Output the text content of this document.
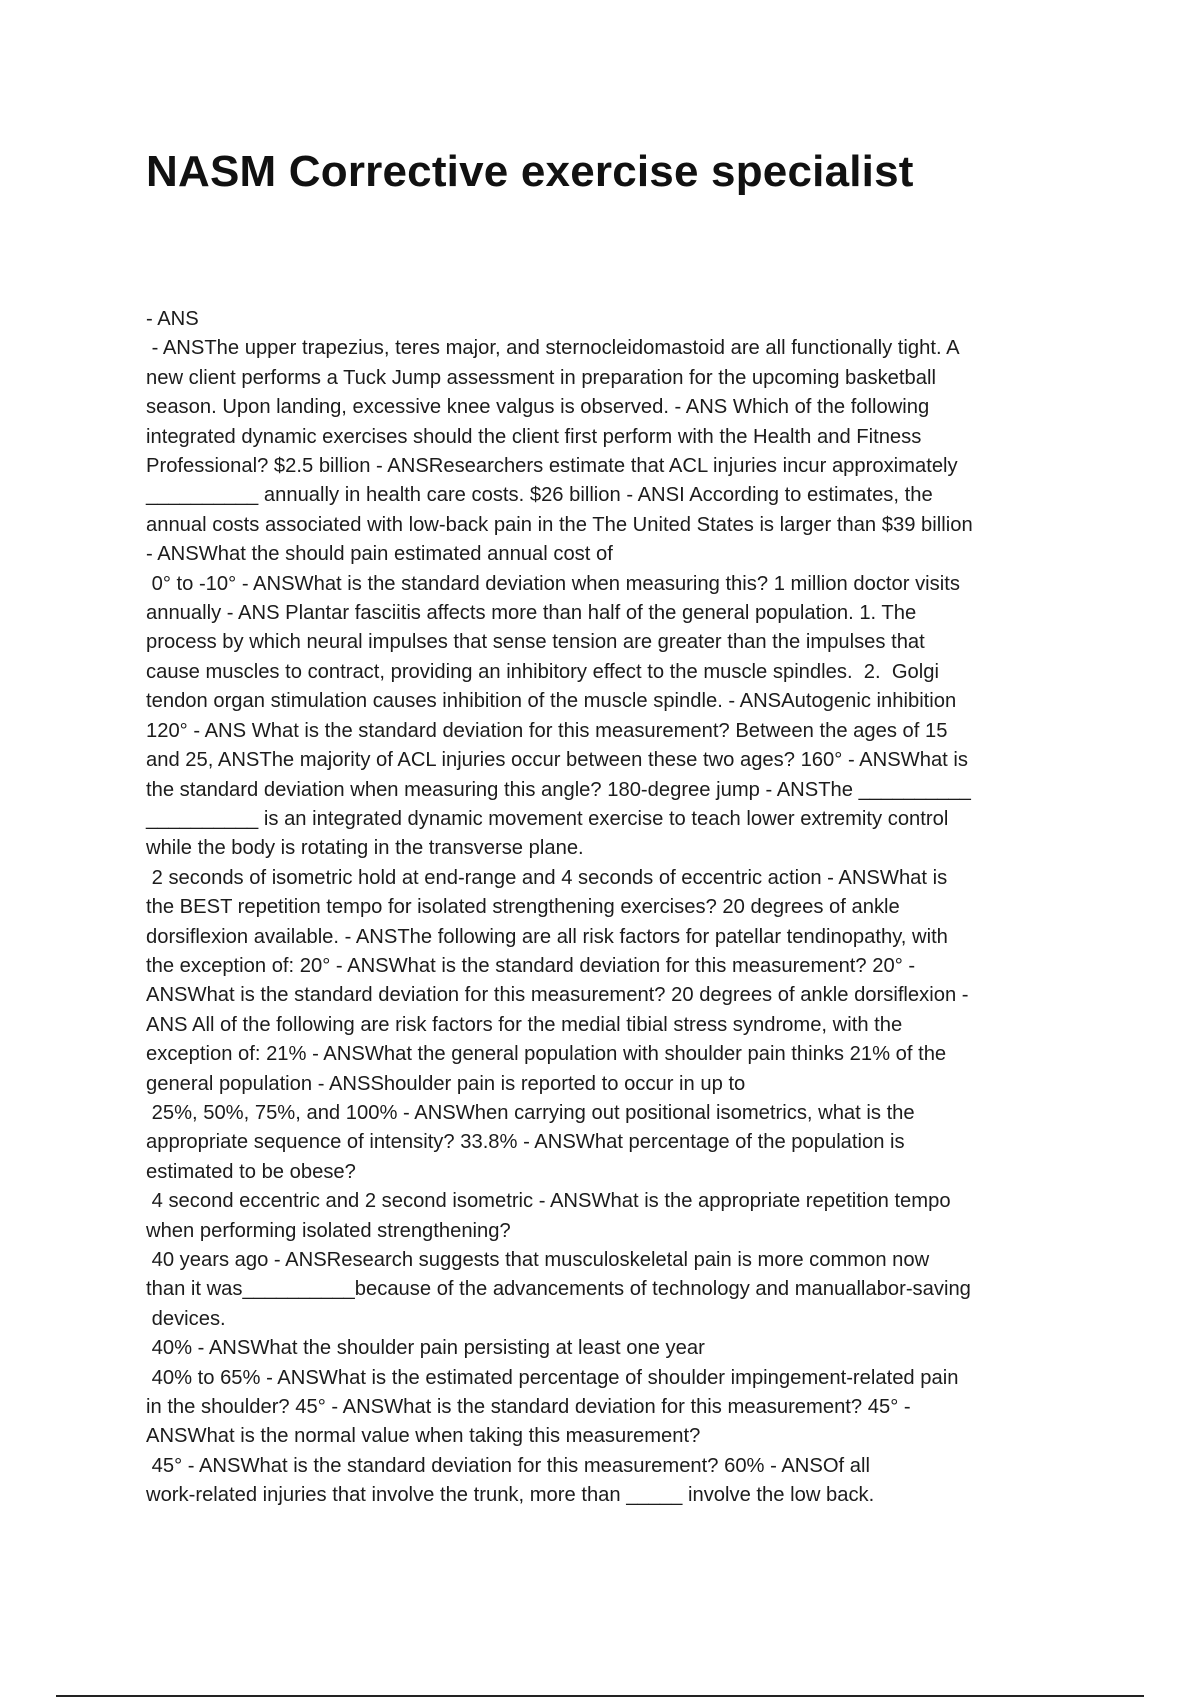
NASM Corrective exercise specialist
- ANS
- ANSThe upper trapezius, teres major, and sternocleidomastoid are all functionally tight. A
new client performs a Tuck Jump assessment in preparation for the upcoming basketball
season. Upon landing, excessive knee valgus is observed. - ANS Which of the following
integrated dynamic exercises should the client first perform with the Health and Fitness
Professional? $2.5 billion - ANSResearchers estimate that ACL injuries incur approximately
__________ annually in health care costs. $26 billion - ANSI According to estimates, the
annual costs associated with low-back pain in the The United States is larger than $39 billion
- ANSWhat the should pain estimated annual cost of
0° to -10° - ANSWhat is the standard deviation when measuring this? 1 million doctor visits
annually - ANS Plantar fasciitis affects more than half of the general population. 1. The
process by which neural impulses that sense tension are greater than the impulses that
cause muscles to contract, providing an inhibitory effect to the muscle spindles.  2.  Golgi
tendon organ stimulation causes inhibition of the muscle spindle. - ANSAutogenic inhibition
120° - ANS What is the standard deviation for this measurement? Between the ages of 15
and 25, ANSThe majority of ACL injuries occur between these two ages? 160° - ANSWhat is
the standard deviation when measuring this angle? 180-degree jump - ANSThe __________
__________ is an integrated dynamic movement exercise to teach lower extremity control
while the body is rotating in the transverse plane.
2 seconds of isometric hold at end-range and 4 seconds of eccentric action - ANSWhat is
the BEST repetition tempo for isolated strengthening exercises? 20 degrees of ankle
dorsiflexion available. - ANSThe following are all risk factors for patellar tendinopathy, with
the exception of: 20° - ANSWhat is the standard deviation for this measurement? 20° -
ANSWhat is the standard deviation for this measurement? 20 degrees of ankle dorsiflexion -
ANS All of the following are risk factors for the medial tibial stress syndrome, with the
exception of: 21% - ANSWhat the general population with shoulder pain thinks 21% of the
general population - ANSShoulder pain is reported to occur in up to
25%, 50%, 75%, and 100% - ANSWhen carrying out positional isometrics, what is the
appropriate sequence of intensity? 33.8% - ANSWhat percentage of the population is
estimated to be obese?
4 second eccentric and 2 second isometric - ANSWhat is the appropriate repetition tempo
when performing isolated strengthening?
40 years ago - ANSResearch suggests that musculoskeletal pain is more common now
than it was__________because of the advancements of technology and manuallabor-saving
devices.
40% - ANSWhat the shoulder pain persisting at least one year
40% to 65% - ANSWhat is the estimated percentage of shoulder impingement-related pain
in the shoulder? 45° - ANSWhat is the standard deviation for this measurement? 45° -
ANSWhat is the normal value when taking this measurement?
45° - ANSWhat is the standard deviation for this measurement? 60% - ANSOf all
work-related injuries that involve the trunk, more than _____ involve the low back.
